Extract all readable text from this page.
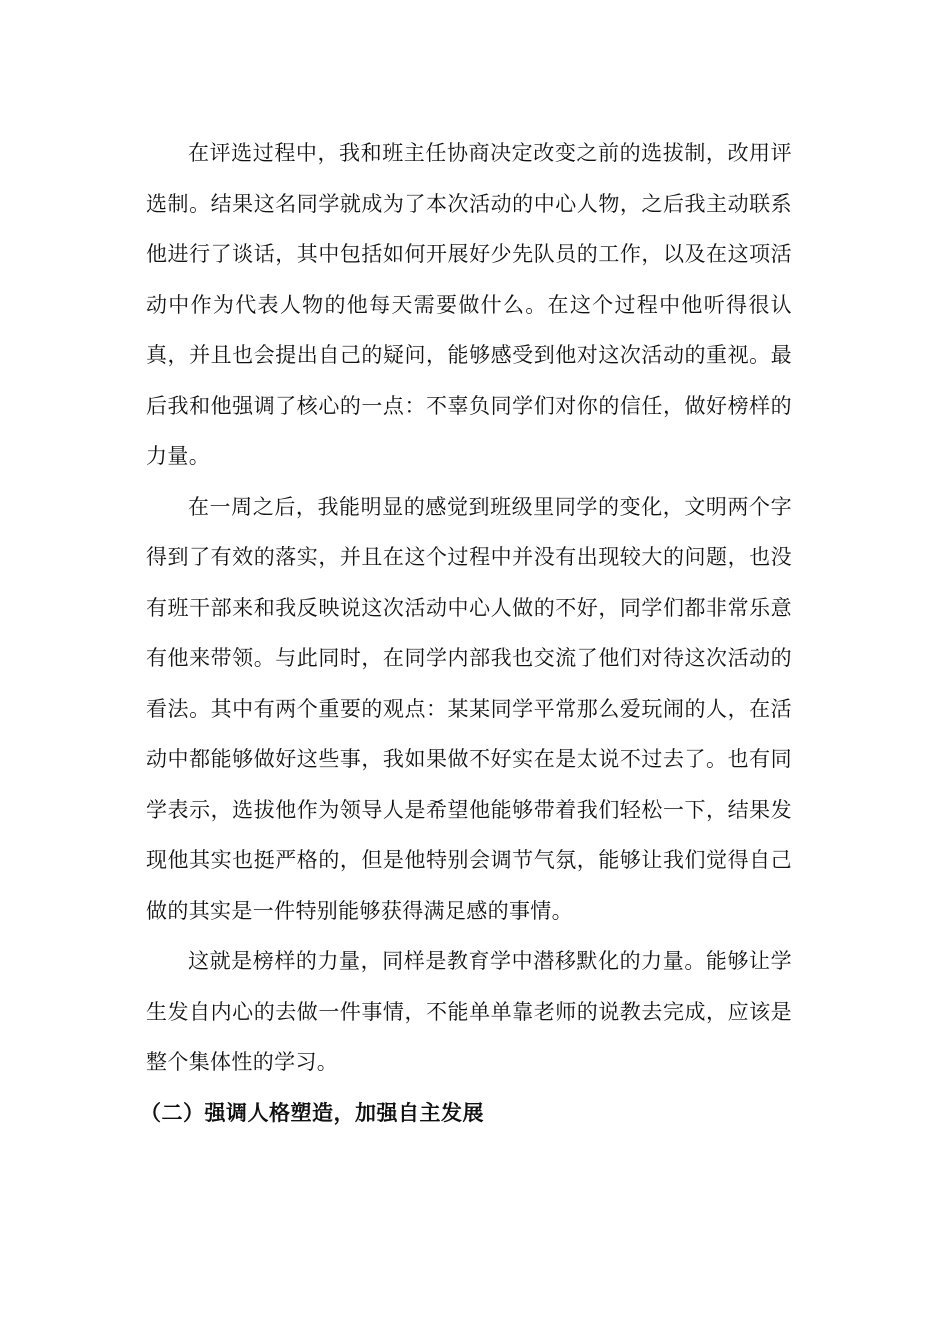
在评选过程中，我和班主任协商决定改变之前的选拔制，改用评选制。结果这名同学就成为了本次活动的中心人物，之后我主动联系他进行了谈话，其中包括如何开展好少先队员的工作，以及在这项活动中作为代表人物的他每天需要做什么。在这个过程中他听得很认真，并且也会提出自己的疑问，能够感受到他对这次活动的重视。最后我和他强调了核心的一点：不辜负同学们对你的信任，做好榜样的力量。

在一周之后，我能明显的感觉到班级里同学的变化，文明两个字得到了有效的落实，并且在这个过程中并没有出现较大的问题，也没有班干部来和我反映说这次活动中心人做的不好，同学们都非常乐意有他来带领。与此同时，在同学内部我也交流了他们对待这次活动的看法。其中有两个重要的观点：某某同学平常那么爱玩闹的人，在活动中都能够做好这些事，我如果做不好实在是太说不过去了。也有同学表示，选拔他作为领导人是希望他能够带着我们轻松一下，结果发现他其实也挺严格的，但是他特别会调节气氛，能够让我们觉得自己做的其实是一件特别能够获得满足感的事情。

这就是榜样的力量，同样是教育学中潜移默化的力量。能够让学生发自内心的去做一件事情，不能单单靠老师的说教去完成，应该是整个集体性的学习。

（二）强调人格塑造，加强自主发展
